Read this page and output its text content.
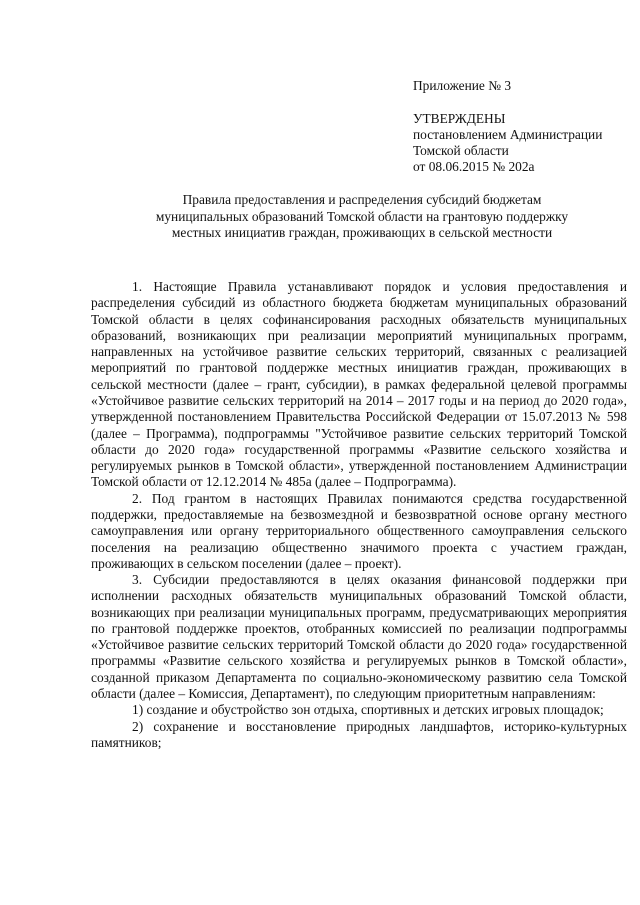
Приложение № 3
УТВЕРЖДЕНЫ
постановлением Администрации
Томской области
от 08.06.2015 № 202а
Правила предоставления и распределения субсидий бюджетам
муниципальных образований Томской области на грантовую поддержку
местных инициатив граждан, проживающих в сельской местности

1. Настоящие Правила устанавливают порядок и условия предоставления и распределения субсидий из областного бюджета бюджетам муниципальных образований Томской области в целях софинансирования расходных обязательств муниципальных образований, возникающих при реализации мероприятий муниципальных программ, направленных на устойчивое развитие сельских территорий, связанных с реализацией мероприятий по грантовой поддержке местных инициатив граждан, проживающих в сельской местности (далее – грант, субсидии), в рамках федеральной целевой программы «Устойчивое развитие сельских территорий на 2014 – 2017 годы и на период до 2020 года», утвержденной постановлением Правительства Российской Федерации от 15.07.2013 № 598 (далее – Программа), подпрограммы "Устойчивое развитие сельских территорий Томской области до 2020 года» государственной программы «Развитие сельского хозяйства и регулируемых рынков в Томской области», утвержденной постановлением Администрации Томской области от 12.12.2014 № 485а (далее – Подпрограмма).

2. Под грантом в настоящих Правилах понимаются средства государственной поддержки, предоставляемые на безвозмездной и безвозвратной основе органу местного самоуправления или органу территориального общественного самоуправления сельского поселения на реализацию общественно значимого проекта с участием граждан, проживающих в сельском поселении (далее – проект).

3. Субсидии предоставляются в целях оказания финансовой поддержки при исполнении расходных обязательств муниципальных образований Томской области, возникающих при реализации муниципальных программ, предусматривающих мероприятия по грантовой поддержке проектов, отобранных комиссией по реализации подпрограммы «Устойчивое развитие сельских территорий Томской области до 2020 года» государственной программы «Развитие сельского хозяйства и регулируемых рынков в Томской области», созданной приказом Департамента по социально-экономическому развитию села Томской области (далее – Комиссия, Департамент), по следующим приоритетным направлениям:

1) создание и обустройство зон отдыха, спортивных и детских игровых площадок;

2) сохранение и восстановление природных ландшафтов, историко-культурных памятников;
